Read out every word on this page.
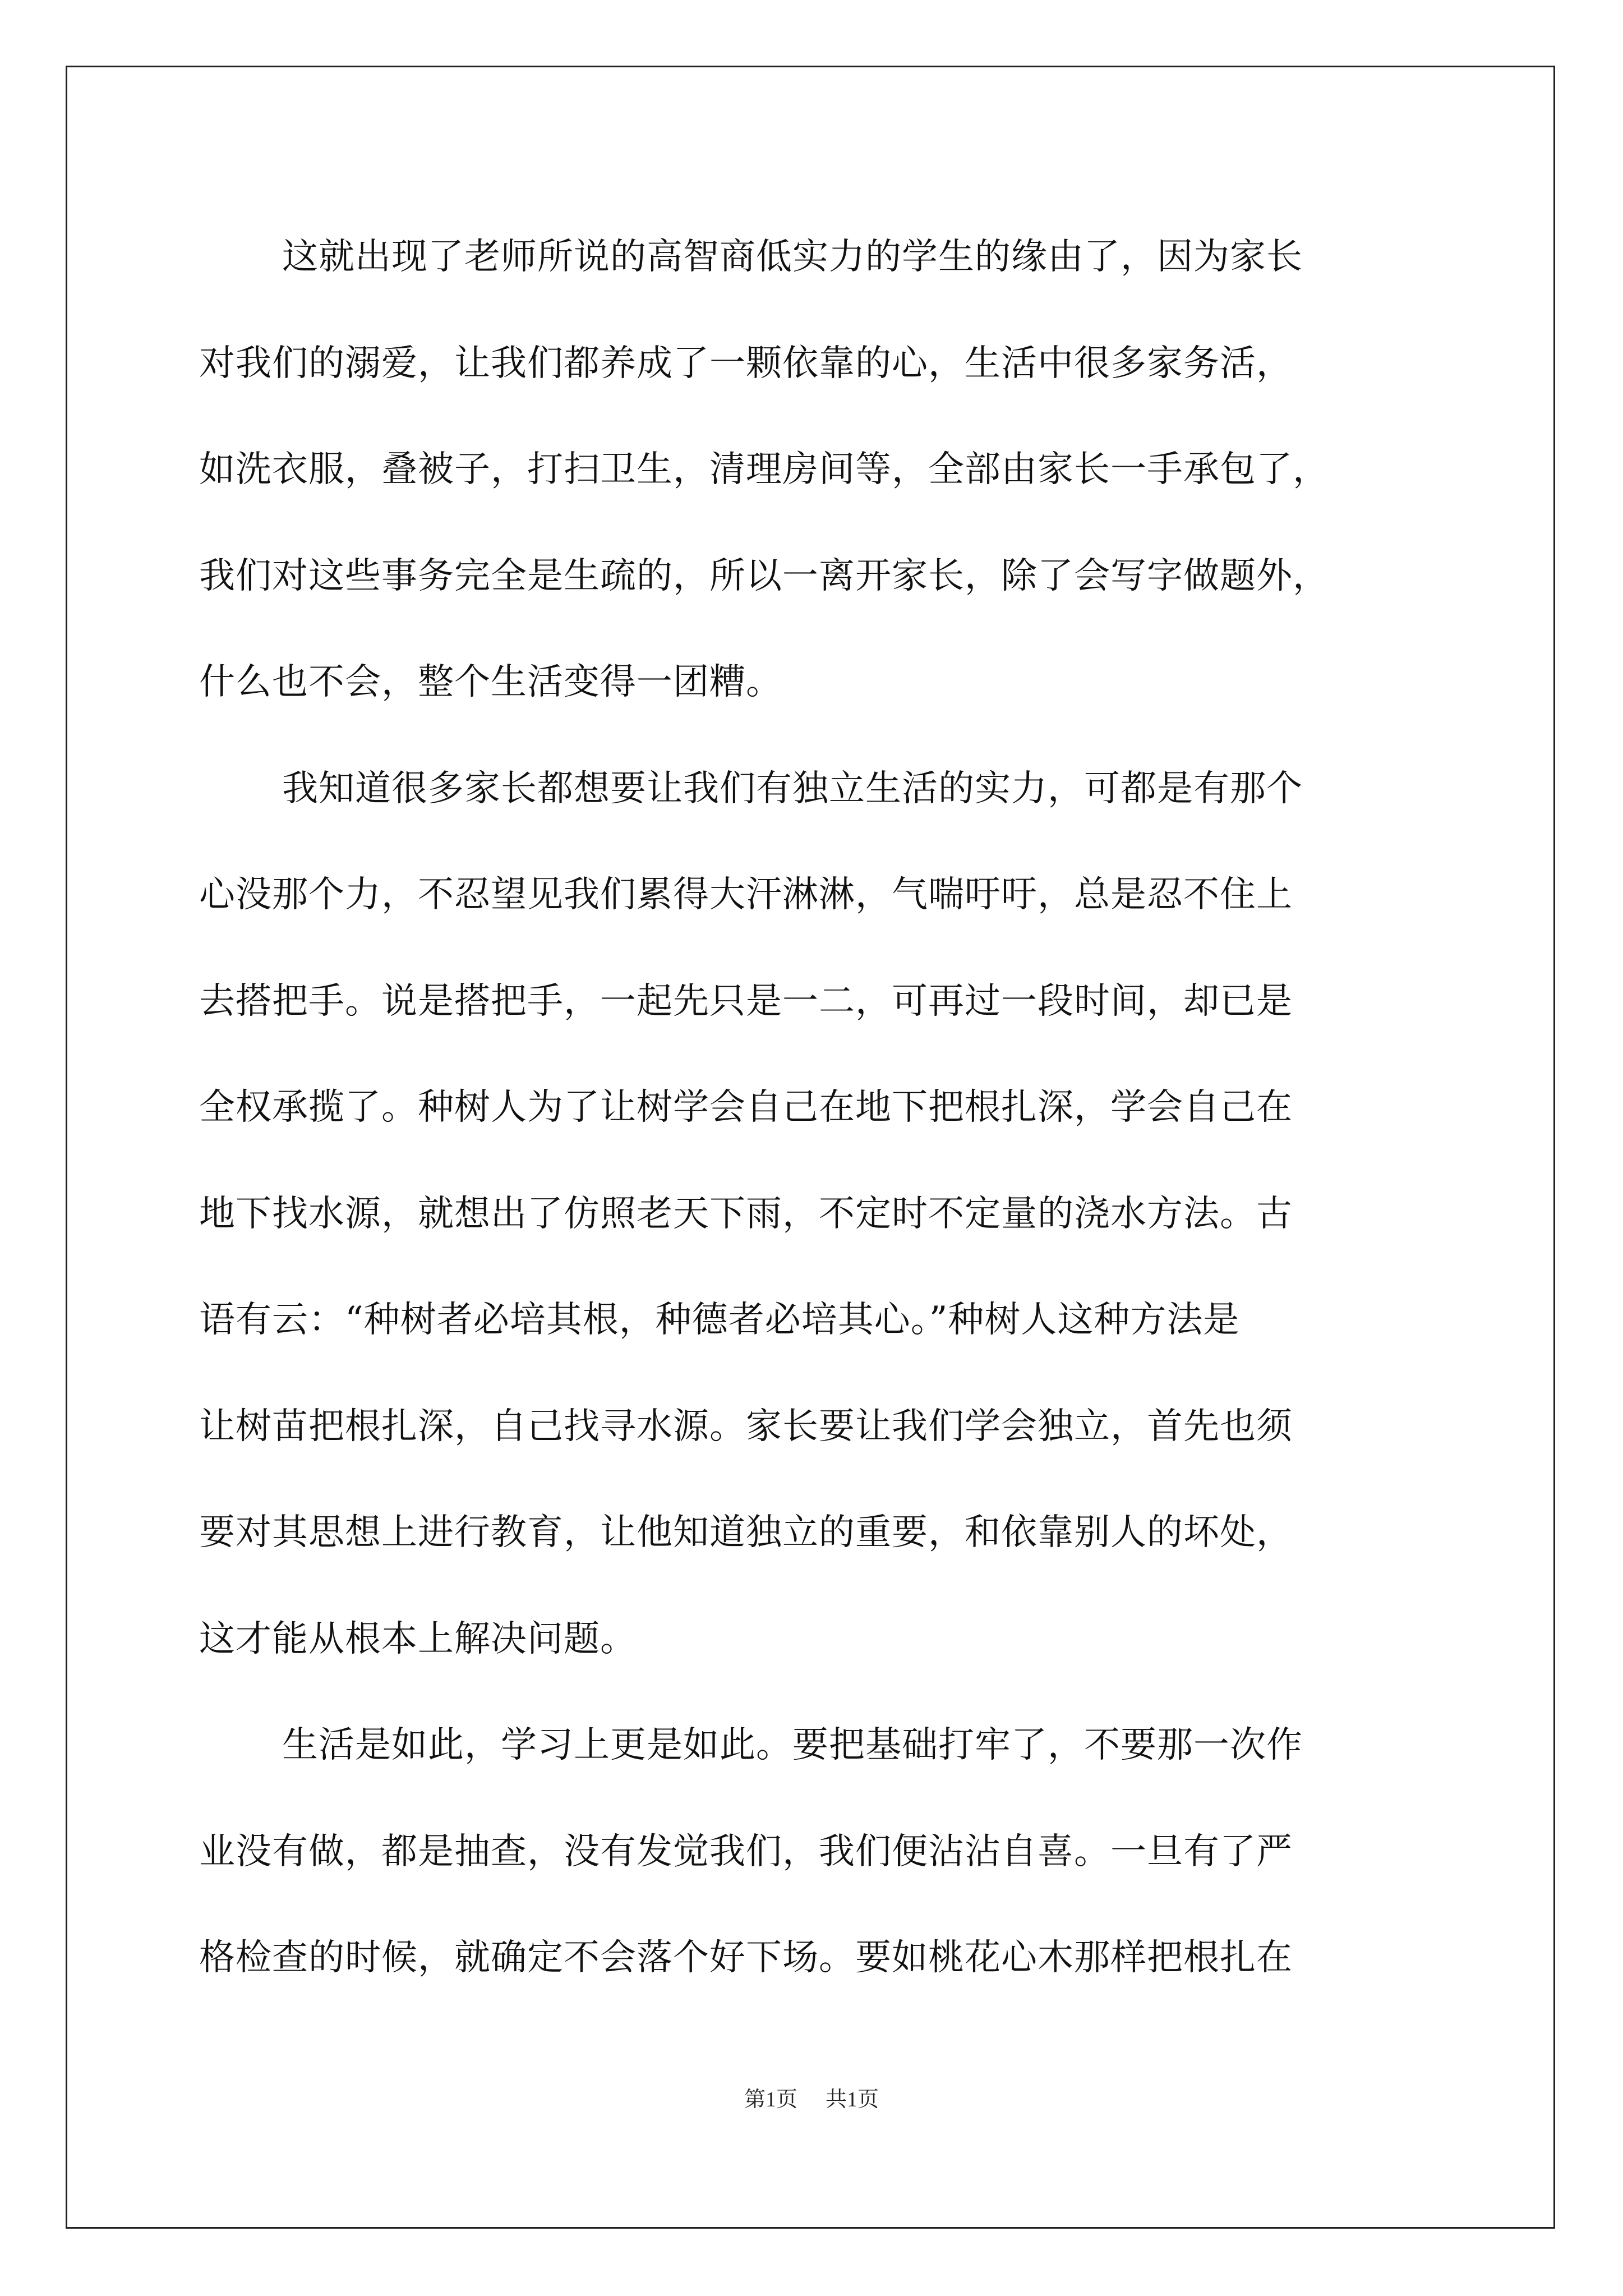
这就出现了老师所说的高智商低实力的学生的缘由了，因为家长
对我们的溺爱，让我们都养成了一颗依靠的心，生活中很多家务活，
如洗衣服，叠被子，打扫卫生，清理房间等，全部由家长一手承包了，
我们对这些事务完全是生疏的，所以一离开家长，除了会写字做题外，
什么也不会，整个生活变得一团糟。
我知道很多家长都想要让我们有独立生活的实力，可都是有那个
心没那个力，不忍望见我们累得大汗淋淋，气喘吁吁，总是忍不住上
去搭把手。说是搭把手，一起先只是一二，可再过一段时间，却已是
全权承揽了。种树人为了让树学会自己在地下把根扎深，学会自己在
地下找水源，就想出了仿照老天下雨，不定时不定量的浇水方法。古
语有云：“种树者必培其根，种德者必培其心。”种树人这种方法是
让树苗把根扎深，自己找寻水源。家长要让我们学会独立，首先也须
要对其思想上进行教育，让他知道独立的重要，和依靠别人的坏处，
这才能从根本上解决问题。
生活是如此，学习上更是如此。要把基础打牢了，不要那一次作
业没有做，都是抽查，没有发觉我们，我们便沾沾自喜。一旦有了严
格检查的时候，就确定不会落个好下场。要如桃花心木那样把根扎在
第1页 共1页
